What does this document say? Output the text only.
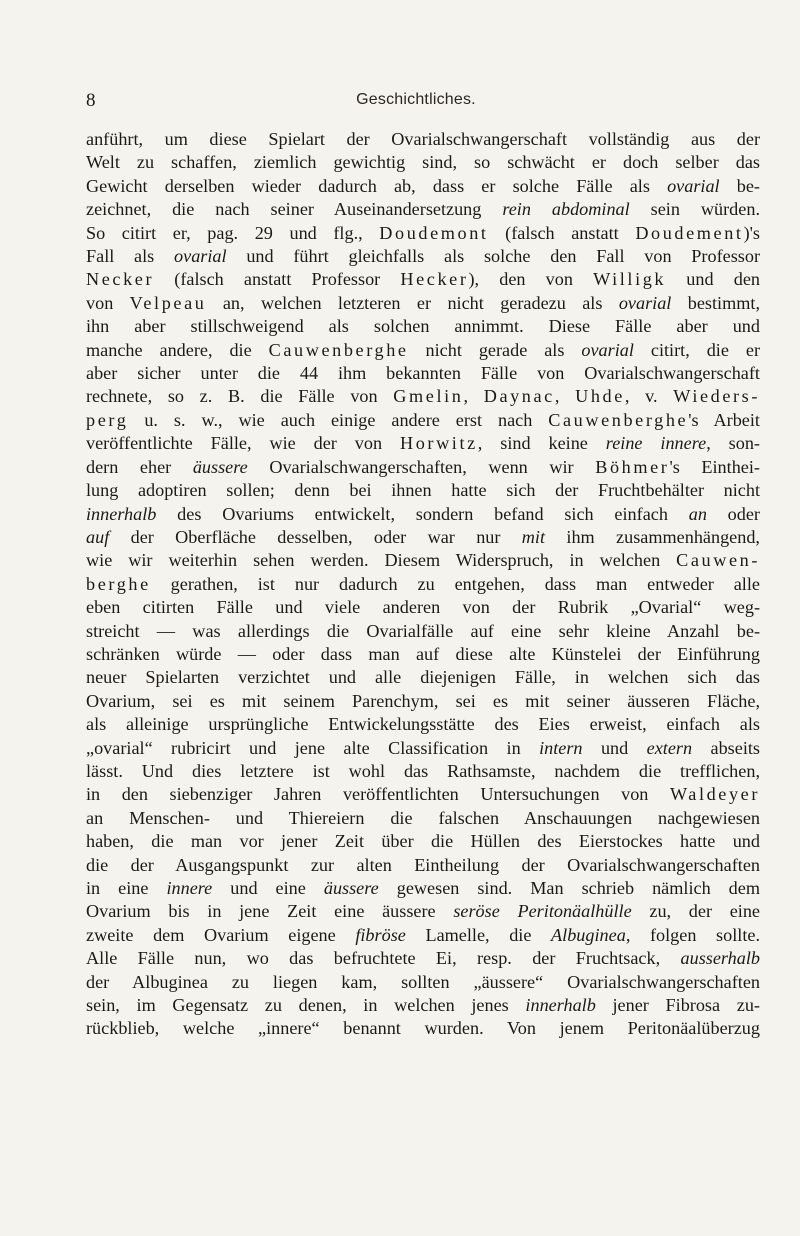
8	Geschichtliches.
anführt, um diese Spielart der Ovarialschwangerschaft vollständig aus der
Welt zu schaffen, ziemlich gewichtig sind, so schwächt er doch selber das
Gewicht derselben wieder dadurch ab, dass er solche Fälle als ovarial be-
zeichnet, die nach seiner Auseinandersetzung rein abdominal sein würden.
So citirt er, pag. 29 und flg., Doudemont (falsch anstatt Doudement)'s
Fall als ovarial und führt gleichfalls als solche den Fall von Professor
Necker (falsch anstatt Professor Hecker), den von Willigk und den
von Velpeau an, welchen letzteren er nicht geradezu als ovarial bestimmt,
ihn aber stillschweigend als solchen annimmt. Diese Fälle aber und
manche andere, die Cauwenberghe nicht gerade als ovarial citirt, die er
aber sicher unter die 44 ihm bekannten Fälle von Ovarialschwangerschaft
rechnete, so z. B. die Fälle von Gmelin, Daynac, Uhde, v. Wieders-
perg u. s. w., wie auch einige andere erst nach Cauwenberghe's Arbeit
veröffentlichte Fälle, wie der von Horwitz, sind keine reine innere, son-
dern eher äussere Ovarialschwangerschaften, wenn wir Böhmer's Einthei-
lung adoptiren sollen; denn bei ihnen hatte sich der Fruchtbehälter nicht
innerhalb des Ovariums entwickelt, sondern befand sich einfach an oder
auf der Oberfläche desselben, oder war nur mit ihm zusammenhängend,
wie wir weiterhin sehen werden. Diesem Widerspruch, in welchen Cauwen-
berghe gerathen, ist nur dadurch zu entgehen, dass man entweder alle
eben citirten Fälle und viele anderen von der Rubrik „Ovarial“ weg-
streicht — was allerdings die Ovarialfälle auf eine sehr kleine Anzahl be-
schränken würde — oder dass man auf diese alte Künstelei der Einführung
neuer Spielarten verzichtet und alle diejenigen Fälle, in welchen sich das
Ovarium, sei es mit seinem Parenchym, sei es mit seiner äusseren Fläche,
als alleinige ursprüngliche Entwickelungsstätte des Eies erweist, einfach als
„ovarial“ rubricirt und jene alte Classification in intern und extern abseits
lässt. Und dies letztere ist wohl das Rathsamste, nachdem die trefflichen,
in den siebenziger Jahren veröffentlichten Untersuchungen von Waldeyer
an Menschen- und Thiereiern die falschen Anschauungen nachgewiesen
haben, die man vor jener Zeit über die Hüllen des Eierstockes hatte und
die der Ausgangspunkt zur alten Eintheilung der Ovarialschwangerschaften
in eine innere und eine äussere gewesen sind. Man schrieb nämlich dem
Ovarium bis in jene Zeit eine äussere seröse Peritonäalhülle zu, der eine
zweite dem Ovarium eigene fibröse Lamelle, die Albuginea, folgen sollte.
Alle Fälle nun, wo das befruchtete Ei, resp. der Fruchtsack, ausserhalb
der Albuginea zu liegen kam, sollten „äussere“ Ovarialschwangerschaften
sein, im Gegensatz zu denen, in welchen jenes innerhalb jener Fibrosa zu-
rückblieb, welche „innere“ benannt wurden. Von jenem Peritonäalüberzug
